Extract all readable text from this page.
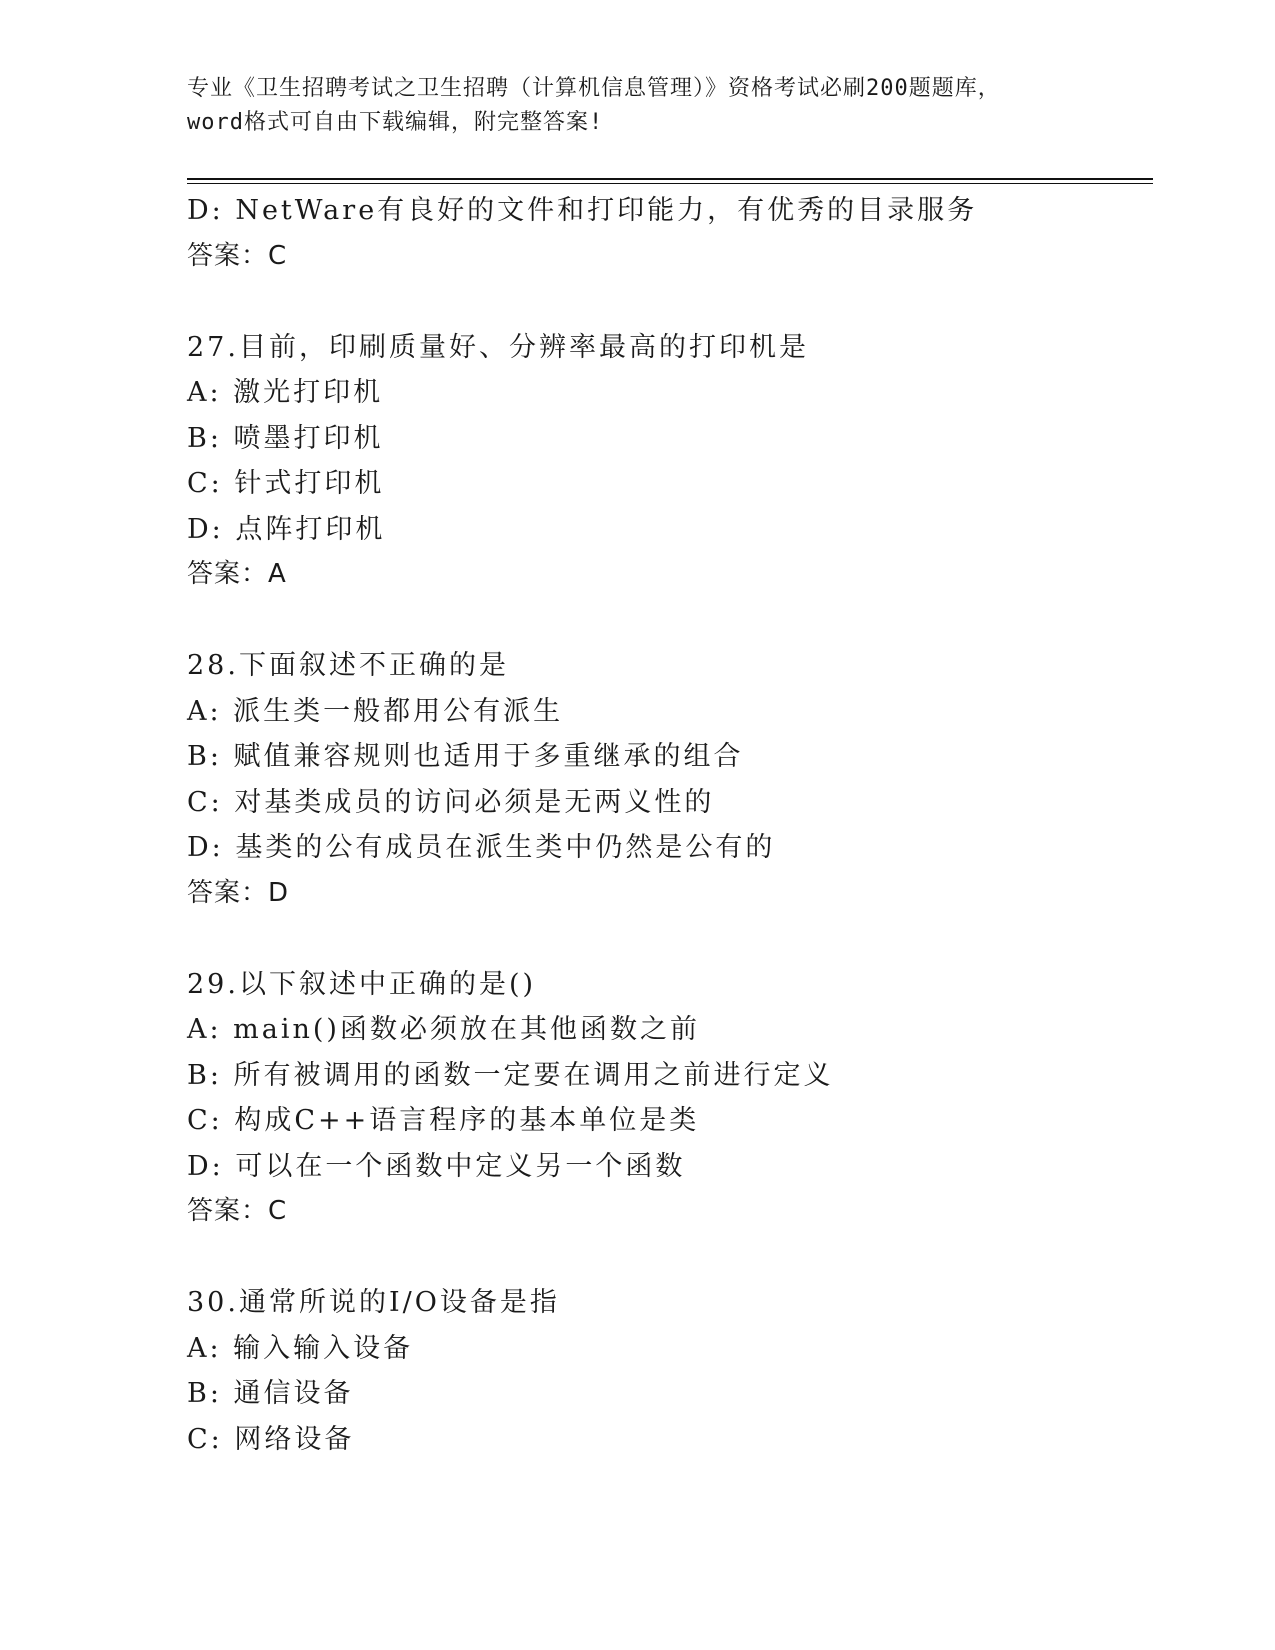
专业《卫生招聘考试之卫生招聘（计算机信息管理）》资格考试必刷200题题库，
word格式可自由下载编辑，附完整答案!
D: NetWare有良好的文件和打印能力，有优秀的目录服务
答案：C
27.目前，印刷质量好、分辨率最高的打印机是
A: 激光打印机
B: 喷墨打印机
C: 针式打印机
D: 点阵打印机
答案：A
28.下面叙述不正确的是
A: 派生类一般都用公有派生
B: 赋值兼容规则也适用于多重继承的组合
C: 对基类成员的访问必须是无两义性的
D: 基类的公有成员在派生类中仍然是公有的
答案：D
29.以下叙述中正确的是()
A: main()函数必须放在其他函数之前
B: 所有被调用的函数一定要在调用之前进行定义
C: 构成C++语言程序的基本单位是类
D: 可以在一个函数中定义另一个函数
答案：C
30.通常所说的I/O设备是指
A: 输入输入设备
B: 通信设备
C: 网络设备
